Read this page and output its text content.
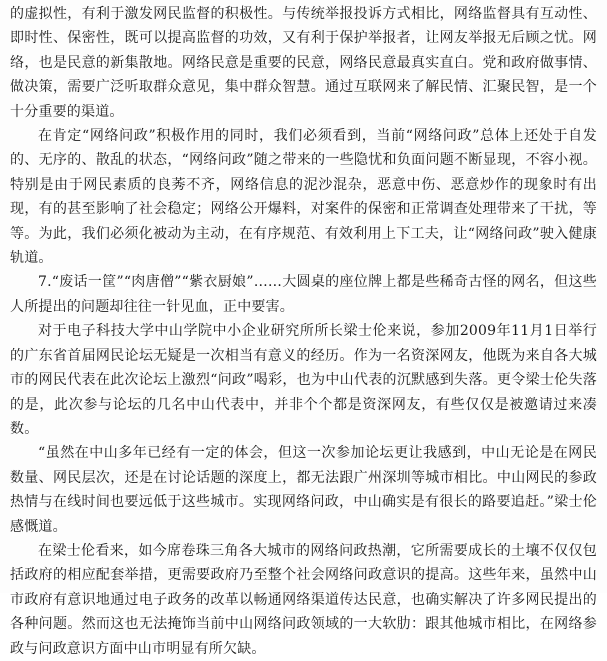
的虚拟性，有利于激发网民监督的积极性。与传统举报投诉方式相比，网络监督具有互动性、即时性、保密性，既可以提高监督的功效，又有利于保护举报者，让网友举报无后顾之忧。网络，也是民意的新集散地。网络民意是重要的民意，网络民意最真实直白。党和政府做事情、做决策，需要广泛听取群众意见，集中群众智慧。通过互联网来了解民情、汇聚民智，是一个十分重要的渠道。

在肯定“网络问政”积极作用的同时，我们必须看到，当前“网络问政”总体上还处于自发的、无序的、散乱的状态，“网络问政”随之带来的一些隐忧和负面问题不断显现，不容小视。特别是由于网民素质的良莠不齐，网络信息的泥沙混杂，恶意中伤、恶意炒作的现象时有出现，有的甚至影响了社会稳定；网络公开爆料，对案件的保密和正常调查处理带来了干扰，等等。为此，我们必须化被动为主动，在有序规范、有效利用上下工夫，让“网络问政”驶入健康轨道。

7.“废话一筐”“肉唐僧”“紫衣厨娘”……大圆桌的座位牌上都是些稀奇古怪的网名，但这些人所提出的问题却往往一针见血，正中要害。

对于电子科技大学中山学院中小企业研究所所长梁士伦来说，参加2009年11月1日举行的广东省首届网民论坛无疑是一次相当有意义的经历。作为一名资深网友，他既为来自各大城市的网民代表在此次论坛上激烈“问政”喝彩，也为中山代表的沉默感到失落。更令梁士伦失落的是，此次参与论坛的几名中山代表中，并非个个都是资深网友，有些仅仅是被邀请过来凑数。

“虽然在中山多年已经有一定的体会，但这一次参加论坛更让我感到，中山无论是在网民数量、网民层次，还是在讨论话题的深度上，都无法跟广州深圳等城市相比。中山网民的参政热情与在线时间也要远低于这些城市。实现网络问政，中山确实是有很长的路要追赶。”梁士伦感慨道。

在梁士伦看来，如今席卷珠三角各大城市的网络问政热潮，它所需要成长的土壤不仅仅包括政府的相应配套举措，更需要政府乃至整个社会网络问政意识的提高。这些年来，虽然中山市政府有意识地通过电子政务的改革以畅通网络渠道传达民意，也确实解决了许多网民提出的各种问题。然而这也无法掩饰当前中山网络问政领域的一大软肋：跟其他城市相比，在网络参政与问政意识方面中山市明显有所欠缺。
